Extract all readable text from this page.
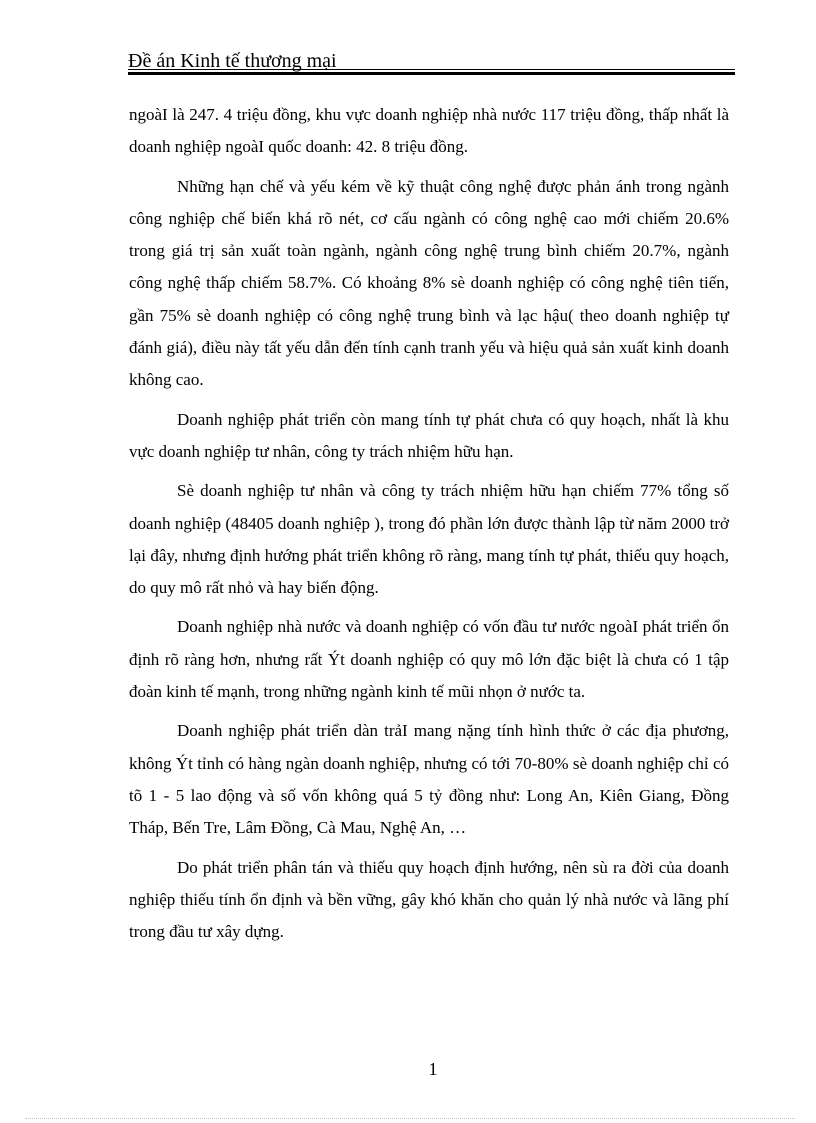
Đề án Kinh tế thương mại

ngoàI là 247. 4 triệu đồng, khu vực doanh nghiệp nhà nước 117 triệu đồng, thấp nhất là doanh nghiệp ngoàI quốc doanh: 42. 8 triệu đồng.

Những hạn chế và yếu kém về kỹ thuật công nghệ được phản ánh trong ngành công nghiệp chế biến khá rõ nét, cơ cấu ngành có công nghệ cao mới chiếm 20.6% trong giá trị sản xuất toàn ngành, ngành công nghệ trung bình chiếm 20.7%, ngành công nghệ thấp chiếm 58.7%. Có khoảng 8% sè doanh nghiệp có công nghệ tiên tiến, gần 75% sè doanh nghiệp có công nghệ trung bình và lạc hậu( theo doanh nghiệp tự đánh giá), điều này tất yếu dẫn đến tính cạnh tranh yếu và hiệu quả sản xuất kinh doanh không cao.

Doanh nghiệp phát triển còn mang tính tự phát chưa có quy hoạch, nhất là khu vực doanh nghiệp tư nhân, công ty trách nhiệm hữu hạn.

Sè doanh nghiệp tư nhân và công ty trách nhiệm hữu hạn chiếm 77% tổng số doanh nghiệp (48405 doanh nghiệp ), trong đó phần lớn được thành lập từ năm 2000 trở lại đây, nhưng định hướng phát triển không rõ ràng, mang tính tự phát, thiếu quy hoạch, do quy mô rất nhỏ và hay biến động.

Doanh nghiệp nhà nước và doanh nghiệp có vốn đầu tư nước ngoàI phát triển ổn định rõ ràng hơn, nhưng rất Ýt doanh nghiệp có quy mô lớn đặc biệt là chưa có 1 tập đoàn kinh tế mạnh, trong những ngành kinh tế mũi nhọn ở nước ta.

Doanh nghiệp phát triển dàn trảI mang nặng tính hình thức ở các địa phương, không Ýt tỉnh có hàng ngàn doanh nghiệp, nhưng có tới 70-80% sè doanh nghiệp chỉ có tõ 1 - 5 lao động và số vốn không quá 5 tỷ đồng như: Long An, Kiên Giang, Đồng Tháp, Bến Tre, Lâm Đồng, Cà Mau, Nghệ An, …

Do phát triển phân tán và thiếu quy hoạch định hướng, nên sù ra đời của doanh nghiệp thiếu tính ổn định và bền vững, gây khó khăn cho quản lý nhà nước và lãng phí trong đầu tư xây dựng.

1
